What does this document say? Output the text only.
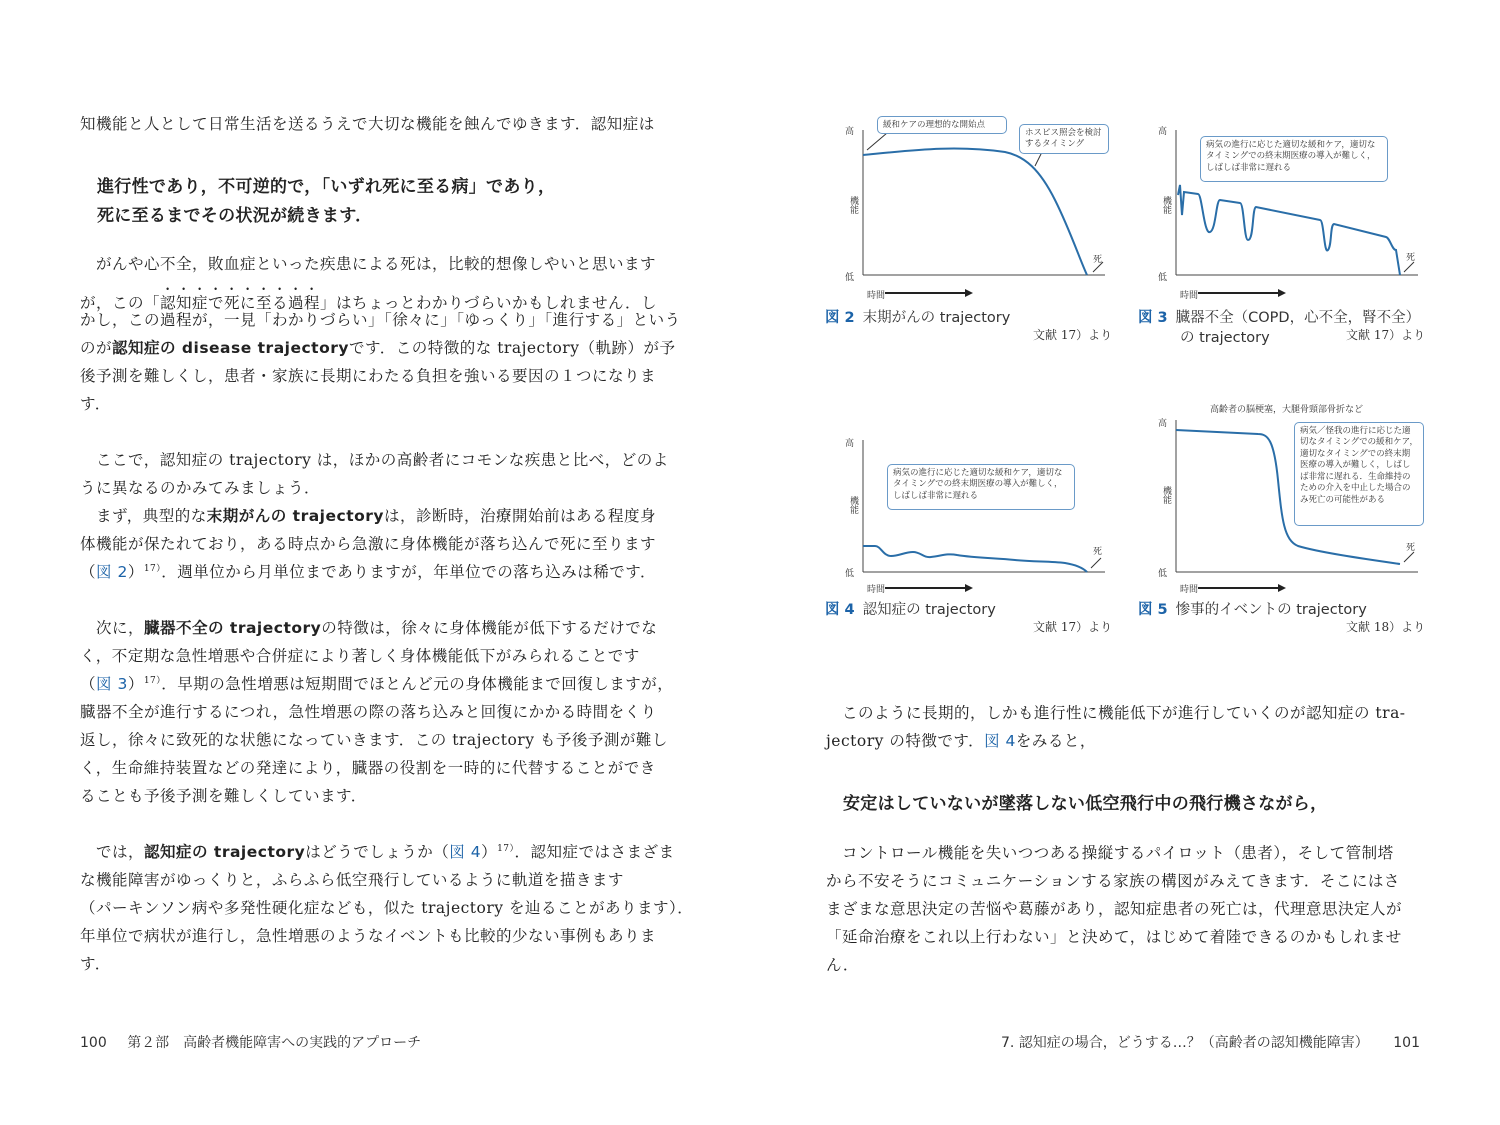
知機能と人として日常生活を送るうえで大切な機能を蝕んでゆきます．認知症は
進行性であり，不可逆的で，「いずれ死に至る病」であり，
死に至るまでその状況が続きます．
がんや心不全，敗血症といった疾患による死は，比較的想像しやいと思います
が，この「認知症で死に至る過程」はちょっとわかりづらいかもしれません．し
かし，この過程が，一見「わかりづらい」「徐々に」「ゆっくり」「進行する」という
のが認知症の disease trajectoryです．この特徴的な trajectory（軌跡）が予
後予測を難しくし，患者・家族に長期にわたる負担を強いる要因の１つになりま
す．
ここで，認知症の trajectory は，ほかの高齢者にコモンな疾患と比べ，どのよ
うに異なるのかみてみましょう．
まず，典型的な末期がんの trajectoryは，診断時，治療開始前はある程度身
体機能が保たれており，ある時点から急激に身体機能が落ち込んで死に至ります
（図 2）$^{17)}$．週単位から月単位までありますが，年単位での落ち込みは稀です．
次に，臓器不全の trajectoryの特徴は，徐々に身体機能が低下するだけでな
く，不定期な急性増悪や合併症により著しく身体機能低下がみられることです
（図 3）$^{17)}$．早期の急性増悪は短期間でほとんど元の身体機能まで回復しますが，
臓器不全が進行するにつれ，急性増悪の際の落ち込みと回復にかかる時間をくり
返し，徐々に致死的な状態になっていきます．この trajectory も予後予測が難し
く，生命維持装置などの発達により，臓器の役割を一時的に代替することができ
ることも予後予測を難しくしています．
では，認知症の trajectoryはどうでしょうか（図 4）$^{17)}$．認知症ではさまざま
な機能障害がゆっくりと，ふらふら低空飛行しているように軌道を描きます
（パーキンソン病や多発性硬化症なども，似た trajectory を辿ることがあります）．
年単位で病状が進行し，急性増悪のようなイベントも比較的少ない事例もありま
す．
100 第２部　高齢者機能障害への実践的アプローチ
高
低
機能
死
時間
緩和ケアの理想的な開始点
ホスピス照会を検討するタイミング
図 2 末期がんの trajectory
文献 17）より
高
低
機能
死
時間
病気の進行に応じた適切な緩和ケア，適切なタイミングでの終末期医療の導入が難しく，しばしば非常に遅れる
図 3 臓器不全（COPD，心不全，腎不全）
の trajectory	文献 17）より
高
低
機能
死
時間
病気の進行に応じた適切な緩和ケア，適切なタイミングでの終末期医療の導入が難しく，しばしば非常に遅れる
図 4 認知症の trajectory
文献 17）より
高齢者の脳梗塞，大腿骨頸部骨折など
高
低
機能
死
時間
病気／怪我の進行に応じた適切なタイミングでの緩和ケア，適切なタイミングでの終末期医療の導入が難しく，しばしば非常に遅れる．生命維持のための介入を中止した場合のみ死亡の可能性がある
図 5 惨事的イベントの trajectory
文献 18）より
このように長期的，しかも進行性に機能低下が進行していくのが認知症の tra-
jectory の特徴です．図 4をみると，
安定はしていないが墜落しない低空飛行中の飛行機さながら，
コントロール機能を失いつつある操縦するパイロット（患者），そして管制塔
から不安そうにコミュニケーションする家族の構図がみえてきます．そこにはさ
まざまな意思決定の苦悩や葛藤があり，認知症患者の死亡は，代理意思決定人が
「延命治療をこれ以上行わない」と決めて，はじめて着陸できるのかもしれませ
ん．
7. 認知症の場合，どうする…？（高齢者の認知機能障害） 101
